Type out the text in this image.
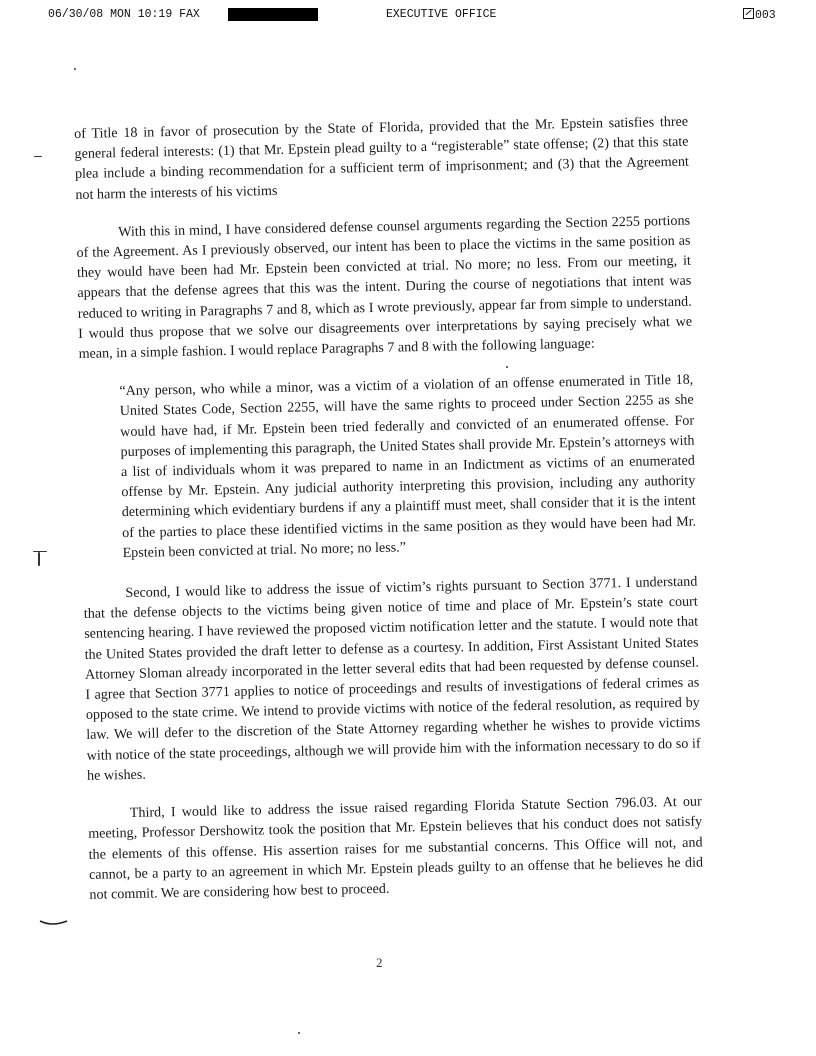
06/30/08 MON 10:19 FAX	EXECUTIVE OFFICE	003

of Title 18 in favor of prosecution by the State of Florida, provided that the Mr. Epstein satisfies three general federal interests: (1) that Mr. Epstein plead guilty to a “registerable” state offense; (2) that this state plea include a binding recommendation for a sufficient term of imprisonment; and (3) that the Agreement not harm the interests of his victims

With this in mind, I have considered defense counsel arguments regarding the Section 2255 portions of the Agreement. As I previously observed, our intent has been to place the victims in the same position as they would have been had Mr. Epstein been convicted at trial. No more; no less. From our meeting, it appears that the defense agrees that this was the intent. During the course of negotiations that intent was reduced to writing in Paragraphs 7 and 8, which as I wrote previously, appear far from simple to understand. I would thus propose that we solve our disagreements over interpretations by saying precisely what we mean, in a simple fashion. I would replace Paragraphs 7 and 8 with the following language:

“Any person, who while a minor, was a victim of a violation of an offense enumerated in Title 18, United States Code, Section 2255, will have the same rights to proceed under Section 2255 as she would have had, if Mr. Epstein been tried federally and convicted of an enumerated offense. For purposes of implementing this paragraph, the United States shall provide Mr. Epstein’s attorneys with a list of individuals whom it was prepared to name in an Indictment as victims of an enumerated offense by Mr. Epstein. Any judicial authority interpreting this provision, including any authority determining which evidentiary burdens if any a plaintiff must meet, shall consider that it is the intent of the parties to place these identified victims in the same position as they would have been had Mr. Epstein been convicted at trial. No more; no less.”

Second, I would like to address the issue of victim’s rights pursuant to Section 3771. I understand that the defense objects to the victims being given notice of time and place of Mr. Epstein’s state court sentencing hearing. I have reviewed the proposed victim notification letter and the statute. I would note that the United States provided the draft letter to defense as a courtesy. In addition, First Assistant United States Attorney Sloman already incorporated in the letter several edits that had been requested by defense counsel. I agree that Section 3771 applies to notice of proceedings and results of investigations of federal crimes as opposed to the state crime. We intend to provide victims with notice of the federal resolution, as required by law. We will defer to the discretion of the State Attorney regarding whether he wishes to provide victims with notice of the state proceedings, although we will provide him with the information necessary to do so if he wishes.

Third, I would like to address the issue raised regarding Florida Statute Section 796.03. At our meeting, Professor Dershowitz took the position that Mr. Epstein believes that his conduct does not satisfy the elements of this offense. His assertion raises for me substantial concerns. This Office will not, and cannot, be a party to an agreement in which Mr. Epstein pleads guilty to an offense that he believes he did not commit. We are considering how best to proceed.

2
